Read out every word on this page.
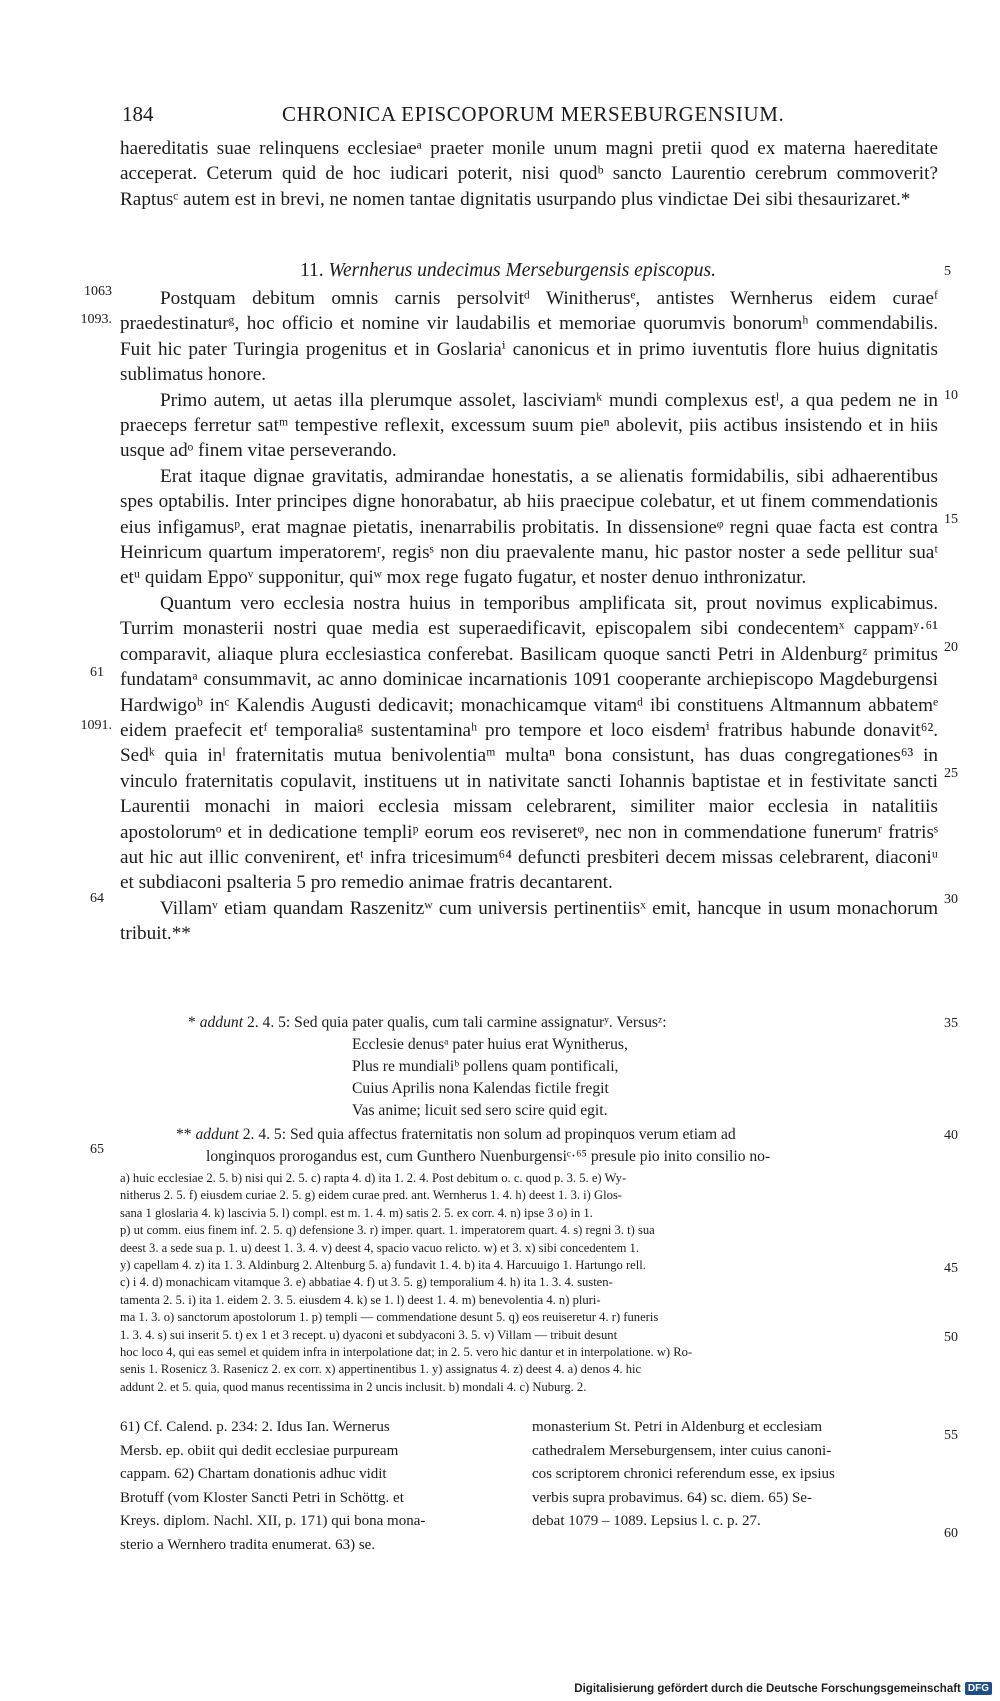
184	CHRONICA EPISCOPORUM MERSEBURGENSIUM.

haereditatis suae relinquens ecclesiaeᵃ praeter monile unum magni pretii quod ex materna haereditate acceperat. Ceterum quid de hoc iudicari poterit, nisi quodᵇ sancto Laurentio cerebrum commoverit? Raptusᶜ autem est in brevi, ne nomen tantae dignitatis usurpando plus vindictae Dei sibi thesaurizaret.*

11. Wernherus undecimus Merseburgensis episcopus.

Postquam debitum omnis carnis persolvitᵈ Winitherusᵉ, antistes Wernherus eidem curaeᶠ praedestinaturᵍ, hoc officio et nomine vir laudabilis et memoriae quorumvis bonorumʰ commendabilis. Fuit hic pater Turingia progenitus et in Goslariaⁱ canonicus et in primo iuventutis flore huius dignitatis sublimatus honore.

Primo autem, ut aetas illa plerumque assolet, lasciviamᵏ mundi complexus estˡ, a qua pedem ne in praeceps ferretur satᵐ tempestive reflexit, excessum suum pieⁿ abolevit, piis actibus insistendo et in hiis usque adᵒ finem vitae perseverando.

Erat itaque dignae gravitatis, admirandae honestatis, a se alienatis formidabilis, sibi adhaerentibus spes optabilis. Inter principes digne honorabatur, ab hiis praecipue colebatur, et ut finem commendationis eius infigamusᵖ, erat magnae pietatis, inenarrabilis probitatis. In dissensioneᵠ regni quae facta est contra Heinricum quartum imperatoremʳ, regisˢ non diu praevalente manu, hic pastor noster a sede pellitur suaᵗ etᵘ quidam Eppoᵛ supponitur, quiʷ mox rege fugato fugatur, et noster denuo inthronizatur.

Quantum vero ecclesia nostra huius in temporibus amplificata sit, prout novimus explicabimus. Turrim monasterii nostri quae media est superaedificavit, episcopalem sibi condecentemˣ cappamʸ·⁶¹ comparavit, aliaque plura ecclesiastica conferebat. Basilicam quoque sancti Petri in Aldenburgᶻ primitus fundatamᵃ consummavit, ac anno dominicae incarnationis 1091 cooperante archiepiscopo Magdeburgensi Hardwigoᵇ inᶜ Kalendis Augusti dedicavit; monachicamque vitamᵈ ibi constituens Altmannum abbatemᵉ eidem praefecit etᶠ temporaliaᵍ sustentaminaʰ pro tempore et loco eisdemⁱ fratribus habunde donavit⁶². Sedᵏ quia inˡ fraternitatis mutua benivolentiaᵐ multaⁿ bona consistunt, has duas congregationes⁶³ in vinculo fraternitatis copulavit, instituens ut in nativitate sancti Iohannis baptistae et in festivitate sancti Laurentii monachi in maiori ecclesia missam celebrarent, similiter maior ecclesia in natalitiis apostolorumᵒ et in dedicatione templiᵖ eorum eos reviseretᵠ, nec non in commendatione funerumʳ fratrisˢ aut hic aut illic convenirent, etᵗ infra tricesimum⁶⁴ defuncti presbiteri decem missas celebrarent, diaconiᵘ et subdiaconi psalteria 5 pro remedio animae fratris decantarent.

Villamᵛ etiam quandam Raszenitzʷ cum universis pertinentiisˣ emit, hancque in usum monachorum tribuit.**

1063
1093.
1091.
61
64
65
5
10
15
20
25
30
35
40
45
50
55
60
* addunt 2. 4. 5: Sed quia pater qualis, cum tali carmine assignaturʸ. Versusᶻ:
Ecclesie denusᵃ pater huius erat Wynitherus,
Plus re mundialiᵇ pollens quam pontificali,
Cuius Aprilis nona Kalendas fictile fregit
Vas anime; licuit sed sero scire quid egit.
** addunt 2. 4. 5: Sed quia affectus fraternitatis non solum ad propinquos verum etiam ad
longinquos prorogandus est, cum Gunthero Nuenburgensiᶜ·⁶⁵ presule pio inito consilio no-

a) huic ecclesiae 2. 5. b) nisi qui 2. 5. c) rapta 4. d) ita 1. 2. 4. Post debitum o. c. quod p. 3. 5. e) Wy-

nitherus 2. 5. f) eiusdem curiae 2. 5. g) eidem curae pred. ant. Wernherus 1. 4. h) deest 1. 3. i) Glos-

sana 1 gloslaria 4. k) lascivia 5. l) compl. est m. 1. 4. m) satis 2. 5. ex corr. 4. n) ipse 3 o) in 1.

p) ut comm. eius finem inf. 2. 5. q) defensione 3. r) imper. quart. 1. imperatorem quart. 4. s) regni 3. t) sua

deest 3. a sede sua p. 1. u) deest 1. 3. 4. v) deest 4, spacio vacuo relicto. w) et 3. x) sibi concedentem 1.

y) capellam 4. z) ita 1. 3. Aldinburg 2. Altenburg 5. a) fundavit 1. 4. b) ita 4. Harcuuigo 1. Hartungo rell.

c) i 4. d) monachicam vitamque 3. e) abbatiae 4. f) ut 3. 5. g) temporalium 4. h) ita 1. 3. 4. susten-

tamenta 2. 5. i) ita 1. eidem 2. 3. 5. eiusdem 4. k) se 1. l) deest 1. 4. m) benevolentia 4. n) pluri-

ma 1. 3. o) sanctorum apostolorum 1. p) templi — commendatione desunt 5. q) eos reuiseretur 4. r) funeris

1. 3. 4. s) sui inserit 5. t) ex 1 et 3 recept. u) dyaconi et subdyaconi 3. 5. v) Villam — tribuit desunt

hoc loco 4, qui eas semel et quidem infra in interpolatione dat; in 2. 5. vero hic dantur et in interpolatione. w) Ro-

senis 1. Rosenicz 3. Rasenicz 2. ex corr. x) appertinentibus 1. y) assignatus 4. z) deest 4. a) denos 4. hic

addunt 2. et 5. quia, quod manus recentissima in 2 uncis inclusit. b) mondali 4. c) Nuburg. 2.

61) Cf. Calend. p. 234: 2. Idus Ian. Wernerus

Mersb. ep. obiit qui dedit ecclesiae purpuream

cappam. 62) Chartam donationis adhuc vidit

Brotuff (vom Kloster Sancti Petri in Schöttg. et

Kreys. diplom. Nachl. XII, p. 171) qui bona mona-

sterio a Wernhero tradita enumerat. 63) se.

monasterium St. Petri in Aldenburg et ecclesiam

cathedralem Merseburgensem, inter cuius canoni-

cos scriptorem chronici referendum esse, ex ipsius

verbis supra probavimus. 64) sc. diem. 65) Se-

debat 1079 – 1089. Lepsius l. c. p. 27.

Digitalisierung gefördert durch die Deutsche Forschungsgemeinschaft DFG
